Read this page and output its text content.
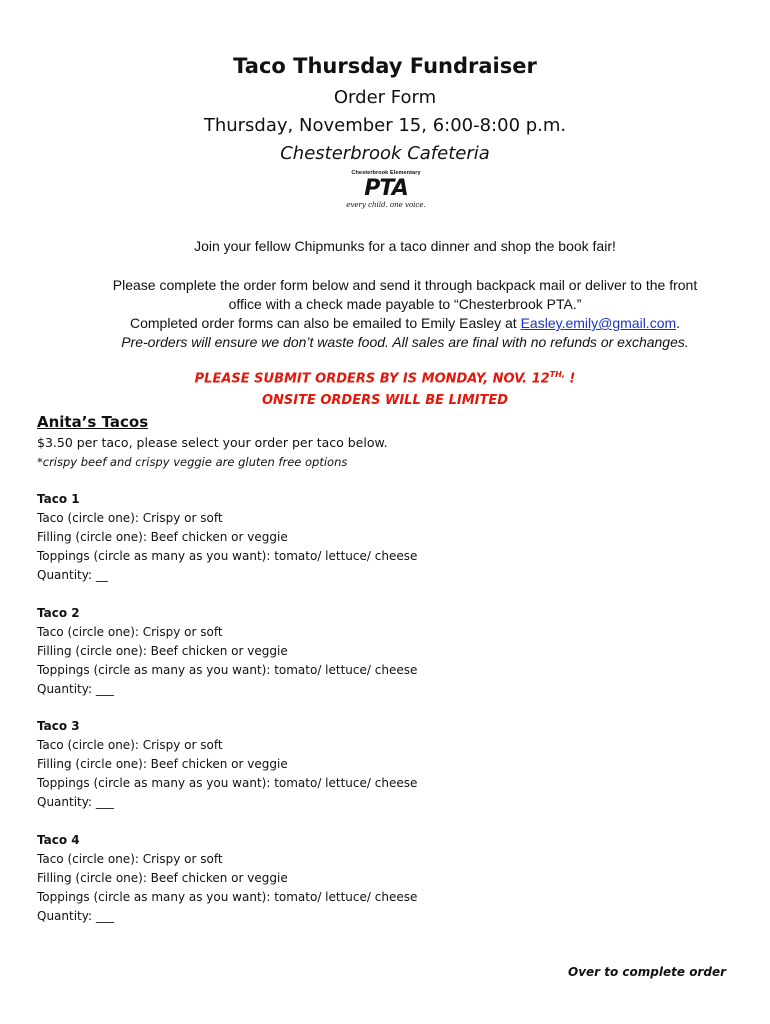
Taco Thursday Fundraiser
Order Form
Thursday, November 15, 6:00-8:00 p.m.
Chesterbrook Cafeteria
Chesterbrook Elementary
PTA
every child. one voice.
Join your fellow Chipmunks for a taco dinner and shop the book fair!
Please complete the order form below and send it through backpack mail or deliver to the front
office with a check made payable to “Chesterbrook PTA.”
Completed order forms can also be emailed to Emily Easley at Easley.emily@gmail.com.
Pre-orders will ensure we don’t waste food. All sales are final with no refunds or exchanges.
PLEASE SUBMIT ORDERS BY IS MONDAY, NOV. $12^{TH,}$ !
ONSITE ORDERS WILL BE LIMITED
Anita’s Tacos
$3.50 per taco, please select your order per taco below.
*crispy beef and crispy veggie are gluten free options
Taco 1
Taco (circle one): Crispy or soft
Filling (circle one): Beef chicken or veggie
Toppings (circle as many as you want): tomato/ lettuce/ cheese
Quantity: __
Taco 2
Taco (circle one): Crispy or soft
Filling (circle one): Beef chicken or veggie
Toppings (circle as many as you want): tomato/ lettuce/ cheese
Quantity: ___
Taco 3
Taco (circle one): Crispy or soft
Filling (circle one): Beef chicken or veggie
Toppings (circle as many as you want): tomato/ lettuce/ cheese
Quantity: ___
Taco 4
Taco (circle one): Crispy or soft
Filling (circle one): Beef chicken or veggie
Toppings (circle as many as you want): tomato/ lettuce/ cheese
Quantity: ___
Over to complete order
